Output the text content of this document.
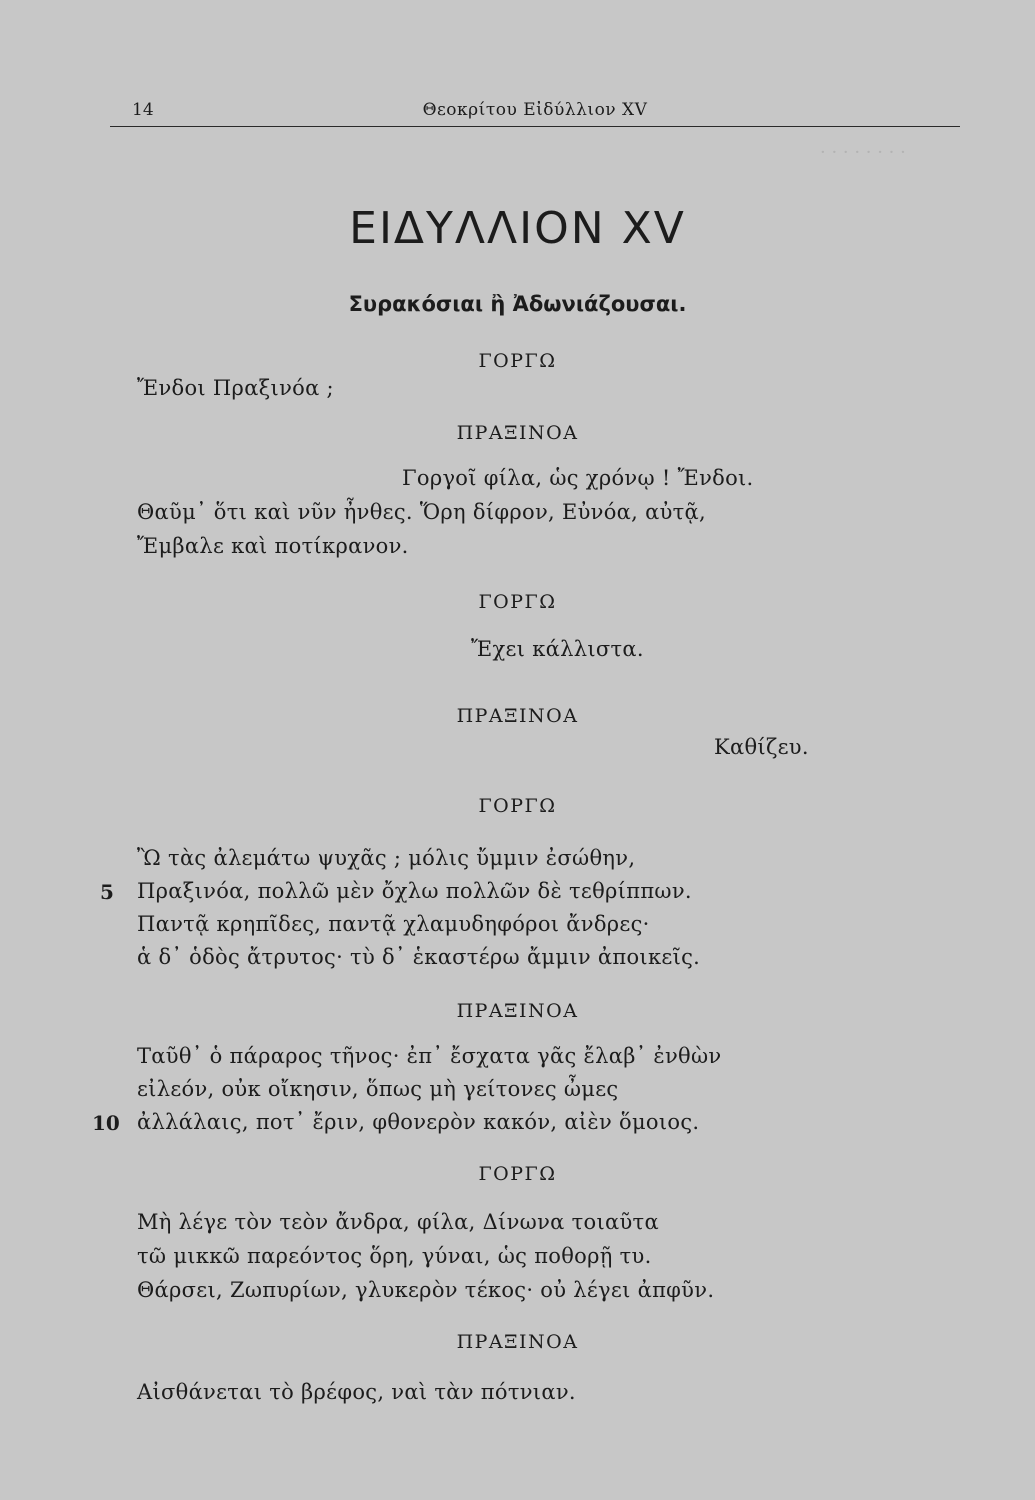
· · · · · · · ·
14	Θεοκρίτου Εἰδύλλιον XV
ΕΙΔΥΛΛΙΟΝ XV
Συρακόσιαι ἢ Ἀδωνιάζουσαι.
ΓΟΡΓΩ
Ἔνδοι Πραξινόα ;
ΠΡΑΞΙΝΟΑ
Γοργοῖ φίλα, ὡς χρόνῳ ! Ἔνδοι.
Θαῦμ᾽ ὅτι καὶ νῦν ἦνθες. Ὅρη δίφρον, Εὐνόα, αὐτᾷ,
Ἔμβαλε καὶ ποτίκρανον.
ΓΟΡΓΩ
Ἔχει κάλλιστα.
ΠΡΑΞΙΝΟΑ
Καθίζευ.
ΓΟΡΓΩ
Ὢ τὰς ἀλεμάτω ψυχᾶς ; μόλις ὔμμιν ἐσώθην,
5 Πραξινόα, πολλῶ μὲν ὄχλω πολλῶν δὲ τεθρίππων.
Παντᾷ κρηπῖδες, παντᾷ χλαμυδηφόροι ἄνδρες·
ἁ δ᾽ ὁδὸς ἄτρυτος· τὺ δ᾽ ἑκαστέρω ἄμμιν ἀποικεῖς.
ΠΡΑΞΙΝΟΑ
Ταῦθ᾽ ὁ πάραρος τῆνος· ἐπ᾽ ἔσχατα γᾶς ἔλαβ᾽ ἐνθὼν
εἰλεόν, οὐκ οἴκησιν, ὅπως μὴ γείτονες ὦμες
10 ἀλλάλαις, ποτ᾽ ἔριν, φθονερὸν κακόν, αἰὲν ὅμοιος.
ΓΟΡΓΩ
Μὴ λέγε τὸν τεὸν ἄνδρα, φίλα, Δίνωνα τοιαῦτα
τῶ μικκῶ παρεόντος ὅρη, γύναι, ὡς ποθορῇ τυ.
Θάρσει, Ζωπυρίων, γλυκερὸν τέκος· οὐ λέγει ἀπφῦν.
ΠΡΑΞΙΝΟΑ
Αἰσθάνεται τὸ βρέφος, ναὶ τὰν πότνιαν.
